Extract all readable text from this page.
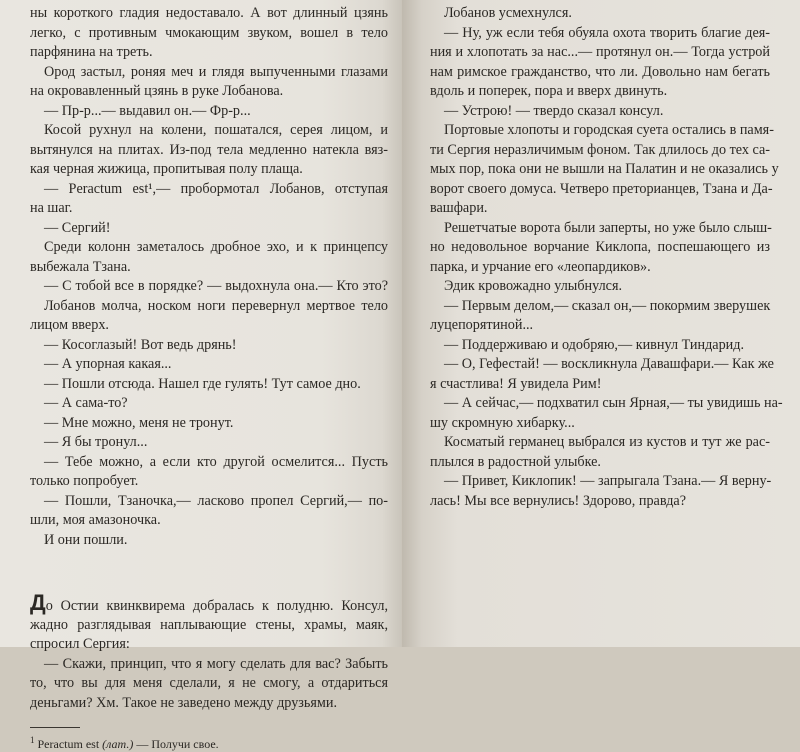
ны короткого гладия недоставало. А вот длинный цзянь
легко, с противным чмокающим звуком, вошел в тело
парфянина на треть.
Ород застыл, роняя меч и глядя выпученными глазами
на окровавленный цзянь в руке Лобанова.
— Пр-р...— выдавил он.— Фр-р...
Косой рухнул на колени, пошатался, серея лицом, и
вытянулся на плитах. Из-под тела медленно натекла вяз-
кая черная жижица, пропитывая полу плаща.
— Peractum est¹,— пробормотал Лобанов, отступая
на шаг.
— Сергий!
Среди колонн заметалось дробное эхо, и к принцепсу
выбежала Тзана.
— С тобой все в порядке? — выдохнула она.— Кто это?
Лобанов молча, носком ноги перевернул мертвое тело
лицом вверх.
— Косоглазый! Вот ведь дрянь!
— А упорная какая...
— Пошли отсюда. Нашел где гулять! Тут самое дно.
— А сама-то?
— Мне можно, меня не тронут.
— Я бы тронул...
— Тебе можно, а если кто другой осмелится... Пусть
только попробует.
— Пошли, Тзаночка,— ласково пропел Сергий,— по-
шли, моя амазоночка.
И они пошли.
До Остии квинквирема добралась к полудню. Консул,
жадно разглядывая наплывающие стены, храмы, маяк,
спросил Сергия:
— Скажи, принцип, что я могу сделать для вас? Забыть
то, что вы для меня сделали, я не смогу, а отдариться
деньгами? Хм. Такое не заведено между друзьями.
$^1$ Peractum est (лат.) — Получи свое.
Лобанов усмехнулся.
— Ну, уж если тебя обуяла охота творить благие дея-
ния и хлопотать за нас...— протянул он.— Тогда устрой
нам римское гражданство, что ли. Довольно нам бегать
вдоль и поперек, пора и вверх двинуть.
— Устрою! — твердо сказал консул.
Портовые хлопоты и городская суета остались в памя-
ти Сергия неразличимым фоном. Так длилось до тех са-
мых пор, пока они не вышли на Палатин и не оказались у
ворот своего домуса. Четверо преторианцев, Тзана и Да-
вашфари.
Решетчатые ворота были заперты, но уже было слыш-
но недовольное ворчание Киклопа, поспешающего из
парка, и урчание его «леопардиков».
Эдик кровожадно улыбнулся.
— Первым делом,— сказал он,— покормим зверушек
луцепорятиной...
— Поддерживаю и одобряю,— кивнул Тиндарид.
— О, Гефестай! — воскликнула Давашфари.— Как же
я счастлива! Я увидела Рим!
— А сейчас,— подхватил сын Ярная,— ты увидишь на-
шу скромную хибарку...
Косматый германец выбрался из кустов и тут же рас-
плылся в радостной улыбке.
— Привет, Киклопик! — запрыгала Тзана.— Я верну-
лась! Мы все вернулись! Здорово, правда?
